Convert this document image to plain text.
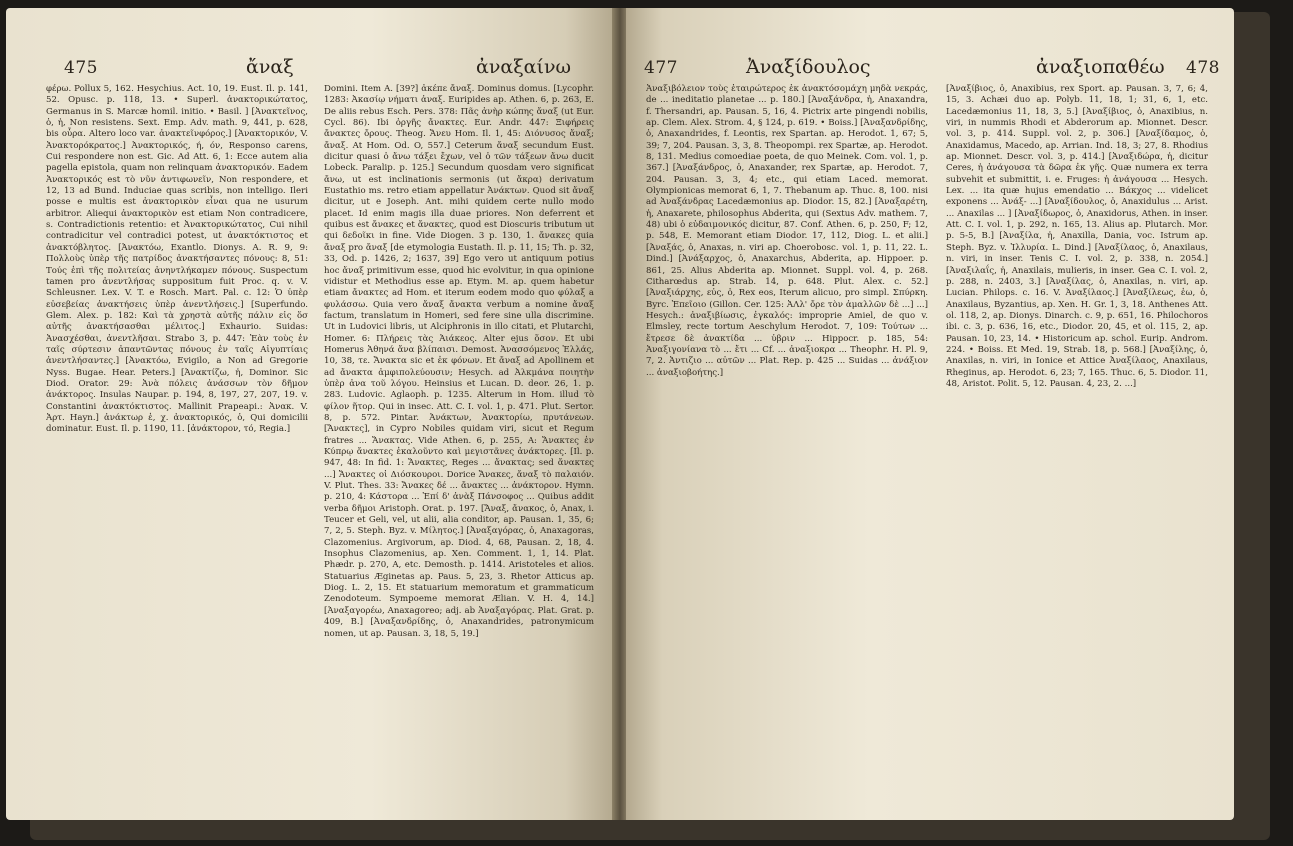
475	ἄναξ	ἀναξαίνω

φέρω. Pollux 5, 162. Hesychius. Act. 10, 19. Eust. Il. p. 141, 52. Opusc. p. 118, 13. • Superl. ἀνακτορικώτατος, Germanus in S. Marcæ homil. initio. • Basil. ] [Ἀνακτεῖνος, ὁ, ἡ, Non resistens. Sext. Emp. Adv. math. 9, 441, p. 628, bis οὖρα. Altero loco var. ἀνακτεῖνφόρος.] [Ἀνακτορικόν, V. Ἀνακτορόκρατος.] Ἀνακτορικός, ή, όν, Responso carens, Cui respondere non est. Gic. Ad Att. 6, 1: Ecce autem alia pagella epistola, quam non relinquam ἀνακτορικόν. Eadem Ἀνακτορικός est τὸ νῦν ἀντιφωνεῖν, Non respondere, et 12, 13 ad Bund. Induciae quas scribis, non intelligo. Ileri posse e multis est ἀνακτορικὸν εἶναι qua ne usurum arbitror. Aliequi ἀνακτορικὸν est etiam Non contradicere, s. Contradictionis retentio: et Ἀνακτορικώτατος, Cui nihil contradicitur vel contradici potest, ut ἀνακτόκτιστος et ἀνακτόβλητος. [Ἀνακτόω, Exantlo. Dionys. A. R. 9, 9: Πολλοὺς ὑπὲρ τῆς πατρίδος ἀνακτήσαντες πόνους: 8, 51: Τούς ἐπὶ τῆς πολιτείας ἀνηντλήκαμεν πόνους. Suspectum tamen pro ἀνεντλήσας suppositum fuit Proc. q. v. V. Schleusner. Lex. V. T. e Rosch. Mart. Pal. c. 12: Ὁ ὑπὲρ εὐσεβείας ἀνακτήσεις ὑπὲρ ἀνεντλήσεις.] [Superfundo. Glem. Alex. p. 182: Καὶ τὰ χρηστὰ αὐτῆς πάλιν εἰς ὅσ αὐτῆς ἀνακτήσασθαι μέλιτος.] Exhaurio. Suidas: Ἀνασχέσθαι, ἀνεντλῆσαι. Strabo 3, p. 447: Ἐὰν τοὺς ἐν ταῖς σύρτεσιν ἀπαντῶντας πόνους ἐν ταῖς Αἰγυπτίαις ἀνεντλήσαντες.] [Ἀνακτόω, Evigilo, a Non ad Gregorie Nyss. Bugae. Hear. Peters.] [Ἀνακτίζω, ἡ, Dominor. Sic Diod. Orator. 29: Ἀνὰ πόλεις ἀνάσσων τὸν δῆμον ἀνάκτορος. Insulas Naupar. p. 194, 8, 197, 27, 207, 19. v. Constantini ἀνακτόκτιστος. Mallinit Prapeapi.: Ἀνακ. V. Ἀρτ. Hayn.] ἀνάκτωρ ἑ, χ. ἀνακτορικός, ὁ, Qui domicilii dominatur. Eust. Il. p. 1190, 11. [ἀνάκτορον, τό, Regia.]

Domini. Item A. [39?] ἀκέπε ἄναξ. Dominus domus. [Lycophr. 1283: Ἀκασίῳ νήματι ἀναξ. Euripides ap. Athen. 6, p. 263, E. De aliis rebus Esch. Pers. 378: Πᾶς ἀνὴρ κώπης ἄναξ (ut Eur. Cycl. 86). Ibi ὀργῆς ἄνακτες. Eur. Andr. 447: Ξιφήρεις ἄνακτες ὄρους. Theog. Ἄνευ Hom. Il. 1, 45: Διόνυσος ἄναξ; ἄναξ. At Hom. Od. O, 557.] Ceterum ἄναξ secundum Eust. dicitur quasi ὁ ἄνω τάξει ἔχων, vel ὁ τῶν τάξεων ἄνω ducit Lobeck. Paralip. p. 125.] Secundum quosdam vero significat ἄνω, ut est inclinationis sermonis (ut ἄκρα) derivatum Eustathio ms. retro etiam appellatur Ἀνάκτων. Quod sit ἄναξ dicitur, ut e Joseph. Ant. mihi quidem certe nullo modo placet. Id enim magis illa duae priores. Non deferrent et quibus est ἄνακες et ἄνακτες, quod est Dioscuris tributum ut qui δεδοῖκι in fine. Vide Diogen. 3 p. 130, 1. ἄνακες quia ἄναξ pro ἄναξ [de etymologia Eustath. Il. p. 11, 15; Th. p. 32, 33, Od. p. 1426, 2; 1637, 39] Ego vero ut antiquum potius hoc ἄναξ primitivum esse, quod hic evolvitur, in qua opinione vidistur et Methodius esse ap. Etym. M. ap. quem habetur etiam ἄνακτες ad Hom. et iterum eodem modo quo φύλαξ a φυλάσσω. Quia vero ἄναξ ἄνακτα verbum a nomine ἄναξ factum, translatum in Homeri, sed fere sine ulla discrimine. Ut in Ludovici libris, ut Alciphronis in illo citati, et Plutarchi, Homer. 6: Πλήρεις τὰς Ἀιάκεος. Alter ejus ὅσον. Et ubi Homerus Ἀθηνά ἄνα βλίπαισι. Demost. Ἀνασσόμενος Ἑλλάς, 10, 38, τε. Ἄνακτα sic et ἐκ φόνων. Et ἄναξ ad Apollinem et ad ἄνακτα ἀμφιπολεύουσιν; Hesych. ad Ἀλκμάνα ποιητὴν ὑπὲρ ἀνα τοῦ λόγου. Heinsius et Lucan. D. deor. 26, 1. p. 283. Ludovic. Aglaoph. p. 1235. Alterum in Hom. illud τὸ φίλον ἥτορ. Qui in insec. Att. C. I. vol. 1, p. 471. Plut. Sertor. 8, p. 572. Pintar. Ἀνάκτων, Ἀνακτορίω, πρυτάνεων. [Ἄνακτες], in Cypro Nobiles quidam viri, sicut et Regum fratres ... Ἄνακτας. Vide Athen. 6, p. 255, A: Ἄνακτες ἐν Κύπρῳ ἄνακτες ἐκαλοῦντο καὶ μεγιστᾶνες ἀνάκτορες. [Il. p. 947, 48: In fid. 1: Ἄνακτες, Reges ... ἄνακτας; sed ἄνακτες ...] Ἄνακτες οἱ Διόσκουροι. Dorice Ἄνακες, ἄναξ τὸ παλαιόν. V. Plut. Thes. 33: Ἄνακες δέ ... ἄνακτες ... ἀνάκτορον. Hymn. p. 210, 4: Κάστορα ... Ἐπί δ' ἀνὰξ Πάνσοφος ... Quibus addit verba δῆμοι Aristoph. Orat. p. 197. [Ἄναξ, ἄνακος, ὁ, Anax, i. Teucer et Geli, vel, ut alii, alia conditor, ap. Pausan. 1, 35, 6; 7, 2, 5. Steph. Byz. v. Μίλητος.] [Ἀναξαγόρας, ὁ, Anaxagoras, Clazomenius. Argivorum, ap. Diod. 4, 68, Pausan. 2, 18, 4. Insophus Clazomenius, ap. Xen. Comment. 1, 1, 14. Plat. Phædr. p. 270, A, etc. Demosth. p. 1414. Aristoteles et alios. Statuarius Æginetas ap. Paus. 5, 23, 3. Rhetor Atticus ap. Diog. L. 2, 15. Et statuarium memoratum et grammaticum Zenodoteum. Sympoeme memorat Ælian. V. H. 4, 14.] [Ἀναξαγορέω, Anaxagoreo; adj. ab Ἀναξαγόρας. Plat. Grat. p. 409, B.] [Ἀναξανδρίδης, ὁ, Anaxandrides, patronymicum nomen, ut ap. Pausan. 3, 18, 5, 19.]

477	Ἀναξίδουλος	ἀναξιοπαθέω 478

Ἀναξιβόλειον τοὺς ἐταιρώτερος ἐκ ἀνακτόσομάχη μηδὰ νεκράς, de ... ineditatio planetae ... p. 180.] [Ἀναξάνδρα, ἡ, Anaxandra, f. Thersandri, ap. Pausan. 5, 16, 4. Pictrix arte pingendi nobilis, ap. Clem. Alex. Strom. 4, § 124, p. 619. • Boiss.] [Ἀναξανδρίδης, ὁ, Anaxandrides, f. Leontis, rex Spartan. ap. Herodot. 1, 67; 5, 39; 7, 204. Pausan. 3, 3, 8. Theopompi. rex Spartæ, ap. Herodot. 8, 131. Medius comoediae poeta, de quo Meinek. Com. vol. 1, p. 367.] [Ἀναξάνδρος, ὁ, Anaxander, rex Spartæ, ap. Herodot. 7, 204. Pausan. 3, 3, 4; etc., qui etiam Laced. memorat. Olympionicas memorat 6, 1, 7. Thebanum ap. Thuc. 8, 100. nisi ad Ἀναξάνδρας Lacedæmonius ap. Diodor. 15, 82.] [Ἀναξαρέτη, ἡ, Anaxarete, philosophus Abderita, qui (Sextus Adv. mathem. 7, 48) ubi ὁ εὐδαιμονικός dicitur, 87. Conf. Athen. 6, p. 250, F; 12, p. 548, E. Memorant etiam Diodor. 17, 112, Diog. L. et alii.] [Ἀναξάς, ὁ, Anaxas, n. viri ap. Choerobosc. vol. 1, p. 11, 22. L. Dind.] [Ἀνάξαρχος, ὁ, Anaxarchus, Abderita, ap. Hippoer. p. 861, 25. Alius Abderita ap. Mionnet. Suppl. vol. 4, p. 268. Citharœdus ap. Strab. 14, p. 648. Plut. Alex. c. 52.] [Ἀναξιάρχης, εὐς, ὁ, Rex eos, Iterum alicuo, pro simpl. Σπύρκη. Byrc. Ἐπεῖοιο (Gillon. Cer. 125: ἈΛλ' ὄρε τὸν ἀμαλλῶν δὲ ...] ...] Hesych.: ἀναξιβίωσις, ἐγκαλός: improprie Amiel, de quo v. Elmsley, recte tortum Aeschylum Herodot. 7, 109: Τούτων ... ἔτρεσε δὲ ἀνακτίδα ... ὑβριν ... Hippocr. p. 185, 54: Ἀναξιγονίανα τὸ ... ἔτι ... Cf. ... ἀναξιοκρα ... Theophr. H. Pl. 9, 7, 2. Ἀντιζιο ... αὐτῶν ... Plat. Rep. p. 425 ... Suidas ... ἀνάξιον ... ἀναξιοβοήτης.]

[Ἀναξίβιος, ὁ, Anaxibius, rex Sport. ap. Pausan. 3, 7, 6; 4, 15, 3. Achæi duo ap. Polyb. 11, 18, 1; 31, 6, 1, etc. Lacedæmonius 11, 18, 3, 5.] [Ἀναξίβιος, ὁ, Anaxibius, n. viri, in nummis Rhodi et Abderorum ap. Mionnet. Descr. vol. 3, p. 414. Suppl. vol. 2, p. 306.] [Ἀναξίδαμος, ὁ, Anaxidamus, Macedo, ap. Arrian. Ind. 18, 3; 27, 8. Rhodius ap. Mionnet. Descr. vol. 3, p. 414.] [Ἀναξιδώρα, ἡ, dicitur Ceres, ἡ ἀνάγουσα τὰ δῶρα ἐκ γῆς. Quæ numera ex terra subvehit et submittit, i. e. Fruges: ἡ ἀνάγουσα ... Hesych. Lex. ... ita quæ hujus emendatio ... Βάκχος ... videlicet exponens ... Ἀνάξ- ...] [Ἀναξίδουλος, ὁ, Anaxidulus ... Arist. ... Anaxilas ... ] [Ἀναξίδωρος, ὁ, Anaxidorus, Athen. in inser. Att. C. I. vol. 1, p. 292, n. 165, 13. Alius ap. Plutarch. Mor. p. 5-5, B.] [Ἀναξίλα, ἡ, Anaxilla, Dania, voc. Istrum ap. Steph. Byz. v. Ἰλλυρία. L. Dind.] [Ἀναξίλαος, ὁ, Anaxilaus, n. viri, in inser. Tenis C. I. vol. 2, p. 338, n. 2054.] [Ἀναξιλαΐς, ἡ, Anaxilais, mulieris, in inser. Gea C. I. vol. 2, p. 288, n. 2403, 3.] [Ἀναξίλας, ὁ, Anaxilas, n. viri, ap. Lucian. Philops. c. 16. V. Ἀναξίλαος.] [Ἀναξίλεως, ἐω, ὁ, Anaxilaus, Byzantius, ap. Xen. H. Gr. 1, 3, 18. Anthenes Att. ol. 118, 2, ap. Dionys. Dinarch. c. 9, p. 651, 16. Philochoros ibi. c. 3, p. 636, 16, etc., Diodor. 20, 45, et ol. 115, 2, ap. Pausan. 10, 23, 14. • Historicum ap. schol. Eurip. Androm. 224. • Boiss. Et Med. 19, Strab. 18, p. 568.] [Ἀναξίλης, ὁ, Anaxilas, n. viri, in Ionice et Attice Ἀναξίλαος, Anaxilaus, Rheginus, ap. Herodot. 6, 23; 7, 165. Thuc. 6, 5. Diodor. 11, 48, Aristot. Polit. 5, 12. Pausan. 4, 23, 2. ...]
